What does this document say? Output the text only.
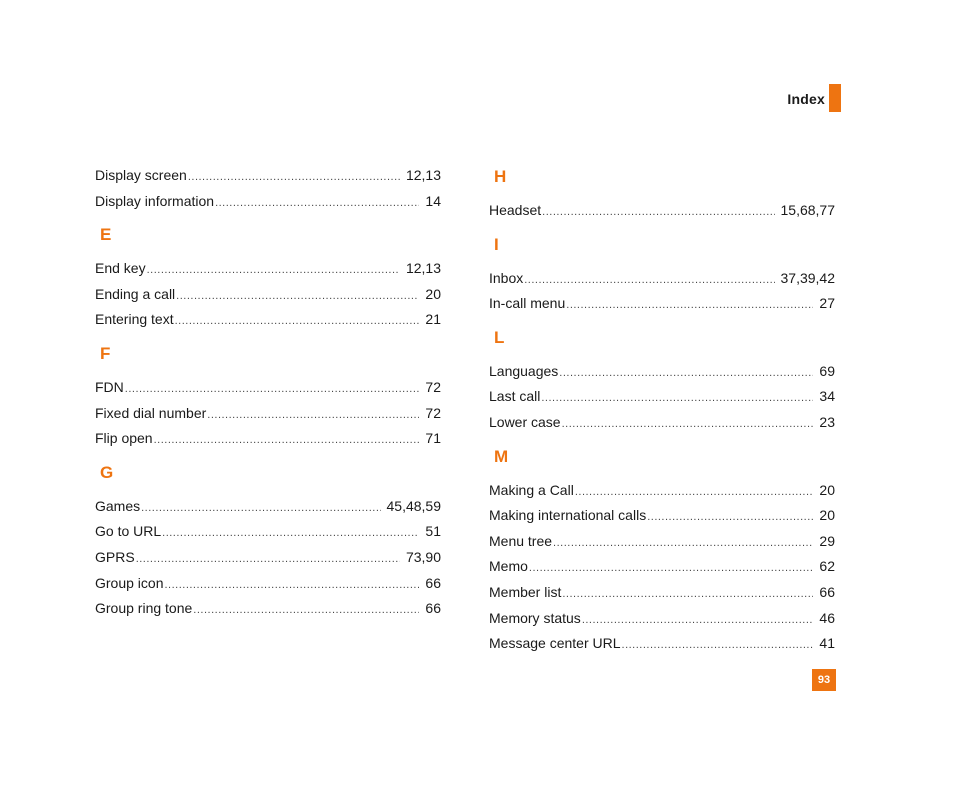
Index
Display screen .....	12,13
Display information .....	14
E
End key .....	12,13
Ending a call .....	20
Entering text .....	21
F
FDN .....	72
Fixed dial number .....	72
Flip open .....	71
G
Games .....	45,48,59
Go to URL .....	51
GPRS .....	73,90
Group icon .....	66
Group ring tone .....	66
H
Headset .....	15,68,77
I
Inbox .....	37,39,42
In-call menu .....	27
L
Languages .....	69
Last call .....	34
Lower case .....	23
M
Making a Call .....	20
Making international calls .....	20
Menu tree .....	29
Memo .....	62
Member list .....	66
Memory status .....	46
Message center URL .....	41
93
